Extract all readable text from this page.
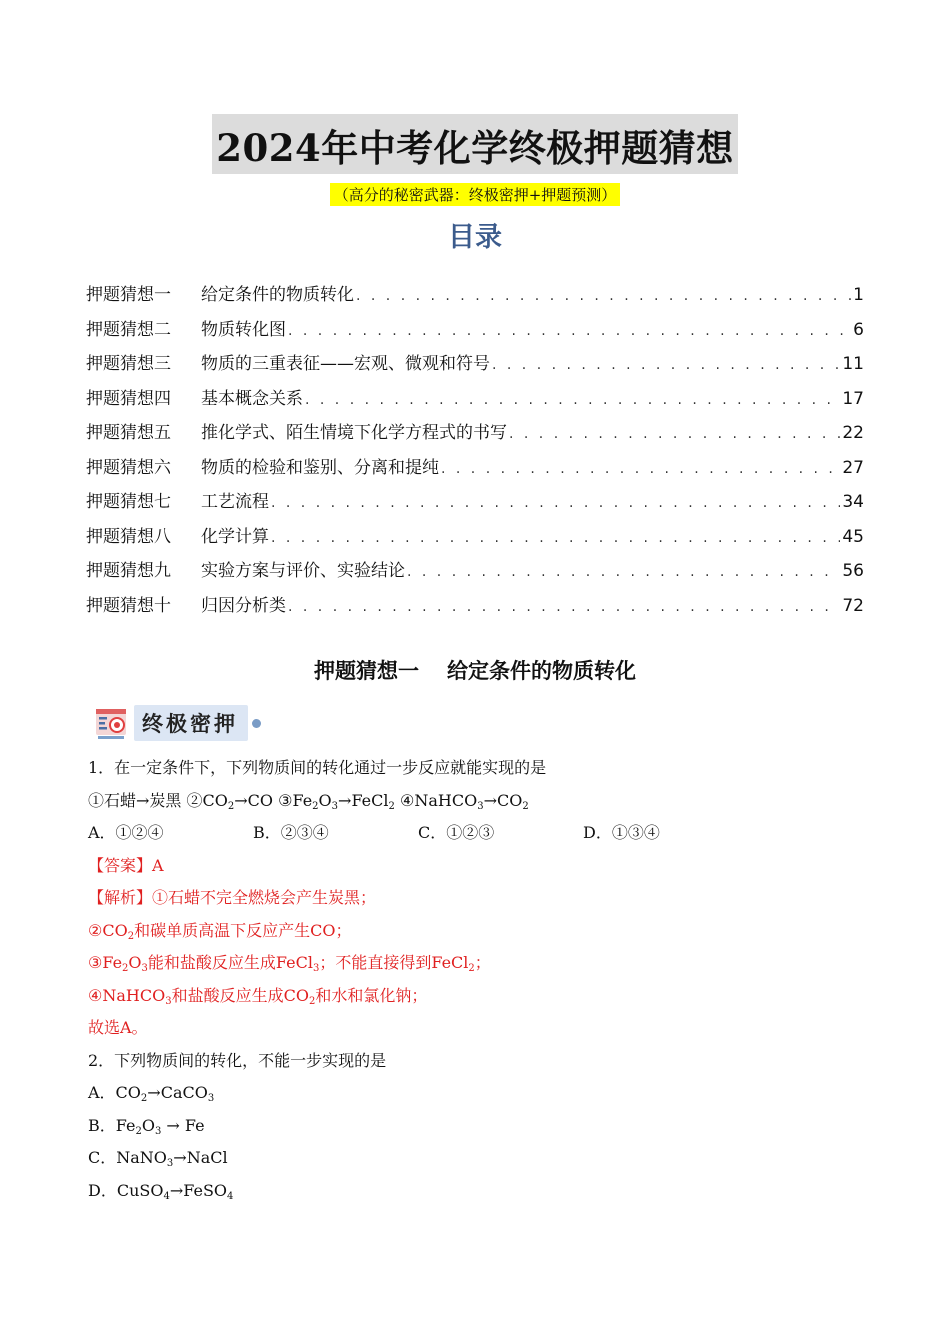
2024年中考化学终极押题猜想
（高分的秘密武器：终极密押+押题预测）
目录
押题猜想一	给定条件的物质转化 . . .	1
押题猜想二	物质转化图 . . .	6
押题猜想三	物质的三重表征——宏观、微观和符号 . . .	11
押题猜想四	基本概念关系 . . .	17
押题猜想五	推化学式、陌生情境下化学方程式的书写 . . .	22
押题猜想六	物质的检验和鉴别、分离和提纯 . . .	27
押题猜想七	工艺流程 . . .	34
押题猜想八	化学计算 . . .	45
押题猜想九	实验方案与评价、实验结论 . . .	56
押题猜想十	归因分析类 . . .	72
押题猜想一 给定条件的物质转化
终极密押
1．在一定条件下，下列物质间的转化通过一步反应就能实现的是
①石蜡→炭黑 $②CO_2\to CO$ $③Fe_2O_3\to FeCl_2$ $④NaHCO_3\to CO_2$
A．①②④	B．②③④	C．①②③	D．①③④
【答案】A
【解析】①石蜡不完全燃烧会产生炭黑；
$②CO_2$和碳单质高温下反应产生CO；
$③Fe_2O_3$能和盐酸反应生成FeCl$_3$；不能直接得到FeCl$_2$；
④NaHCO$_3$和盐酸反应生成$CO_2$和水和氯化钠；
故选A。
2．下列物质间的转化，不能一步实现的是
A．$CO_2\to CaCO_3$
B．$Fe_2O_3 \to Fe$
C．NaNO$_3$→NaCl
D．CuSO$_4$→FeSO$_4$
